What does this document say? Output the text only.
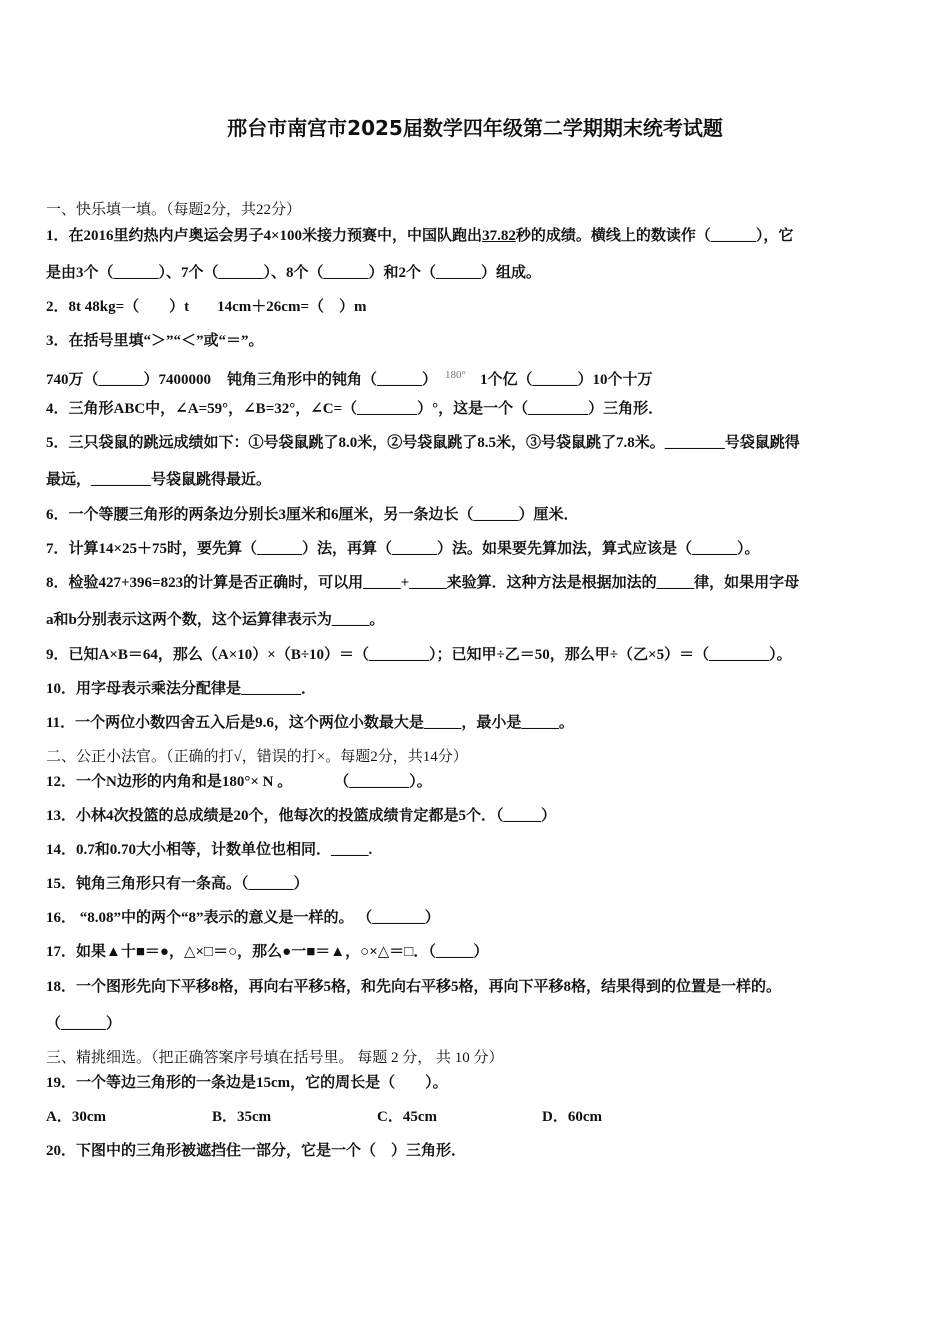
邢台市南宫市2025届数学四年级第二学期期末统考试题
一、快乐填一填。（每题2分，共22分）
1．在2016里约热内卢奥运会男子4×100米接力预赛中，中国队跑出37.82秒的成绩。横线上的数读作（______），它
是由3个（______）、7个（______）、8个（______）和2个（______）组成。
2．8t 48kg=（　　）t 14cm＋26cm=（　）m
3．在括号里填“＞”“＜”或“＝”。
740万（______）7400000 钝角三角形中的钝角（______） 180° 1个亿（______）10个十万
4．三角形ABC中，∠A=59°，∠B=32°，∠C=（________）°，这是一个（________）三角形．
5．三只袋鼠的跳远成绩如下：①号袋鼠跳了8.0米，②号袋鼠跳了8.5米，③号袋鼠跳了7.8米。________号袋鼠跳得
最远，________号袋鼠跳得最近。
6．一个等腰三角形的两条边分别长3厘米和6厘米，另一条边长（______）厘米．
7．计算14×25＋75时，要先算（______）法，再算（______）法。如果要先算加法，算式应该是（______）。
8．检验427+396=823的计算是否正确时，可以用_____+_____来验算．这种方法是根据加法的_____律，如果用字母
a和b分别表示这两个数，这个运算律表示为_____。
9．已知A×B＝64，那么（A×10）×（B÷10）＝（________）；已知甲÷乙＝50，那么甲÷（乙×5）＝（________）。
10．用字母表示乘法分配律是________．
11．一个两位小数四舍五入后是9.6，这个两位小数最大是_____，最小是_____。
二、公正小法官。（正确的打√，错误的打×。每题2分，共14分）
12．一个N边形的内角和是180°× N 。	（________）。
13．小林4次投篮的总成绩是20个，他每次的投篮成绩肯定都是5个．（_____）
14．0.7和0.70大小相等，计数单位也相同．_____.
15．钝角三角形只有一条高。（______）
16． “8.08”中的两个“8”表示的意义是一样的。 （_______）
17．如果▲十■＝●，△×□＝○，那么●一■＝▲，○×△＝□．（_____）
18．一个图形先向下平移8格，再向右平移5格，和先向右平移5格，再向下平移8格，结果得到的位置是一样的。
（______）
三、精挑细选。（把正确答案序号填在括号里。 每题 2 分， 共 10 分）
19．一个等边三角形的一条边是15cm，它的周长是（　　）。
A．30cm	B．35cm	C．45cm	D．60cm
20．下图中的三角形被遮挡住一部分，它是一个（　）三角形．
